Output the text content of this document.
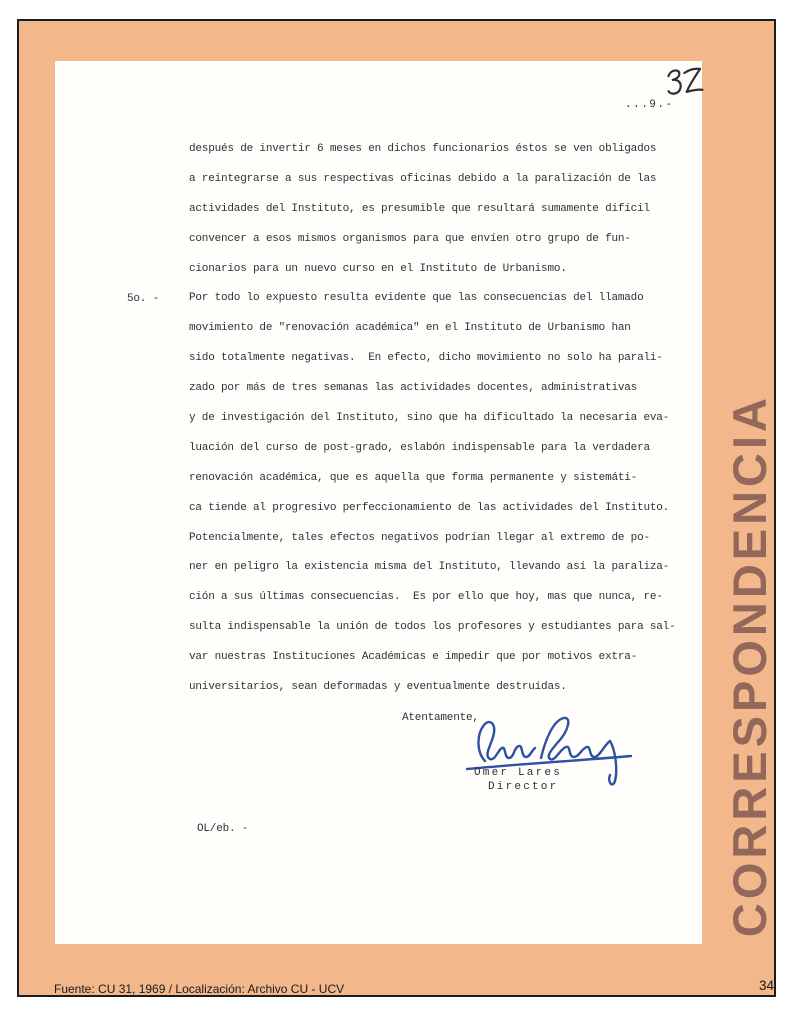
...9.-
después de invertir 6 meses en dichos funcionarios éstos se ven obligados
a reintegrarse a sus respectivas oficinas debido a la paralización de las
actividades del Instituto, es presumible que resultará sumamente difícil
convencer a esos mismos organismos para que envíen otro grupo de fun-
cionarios para un nuevo curso en el Instituto de Urbanismo.
Por todo lo expuesto resulta evidente que las consecuencias del llamado
movimiento de "renovación académica" en el Instituto de Urbanismo han
sido totalmente negativas.  En efecto, dicho movimiento no solo ha parali-
zado por más de tres semanas las actividades docentes, administrativas
y de investigación del Instituto, sino que ha dificultado la necesaria eva-
luación del curso de post-grado, eslabón indispensable para la verdadera
renovación académica, que es aquella que forma permanente y sistemáti-
ca tiende al progresivo perfeccionamiento de las actividades del Instituto.
Potencialmente, tales efectos negativos podrían llegar al extremo de po-
ner en peligro la existencia misma del Instituto, llevando así la paraliza-
ción a sus últimas consecuencias.  Es por ello que hoy, mas que nunca, re-
sulta indispensable la unión de todos los profesores y estudiantes para sal-
var nuestras Instituciones Académicas e impedir que por motivos extra-
universitarios, sean deformadas y eventualmente destruídas.
5o. -
Atentamente,
Omer Lares
Director
OL/eb. -	CORRESPONDENCIA
Fuente: CU 31, 1969 / Localización: Archivo CU - UCV	34
